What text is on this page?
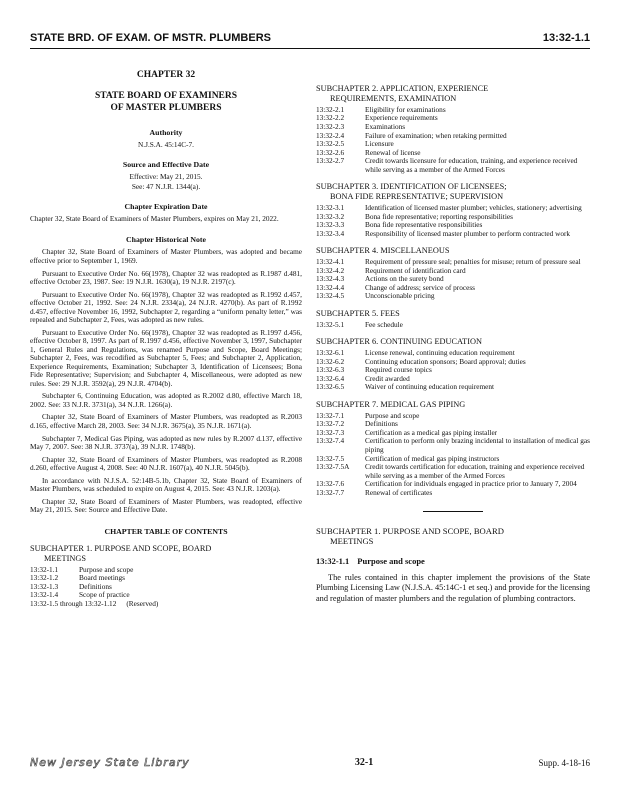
STATE BRD. OF EXAM. OF MSTR. PLUMBERS	13:32-1.1

CHAPTER 32

STATE BOARD OF EXAMINERS
OF MASTER PLUMBERS

Authority

N.J.S.A. 45:14C-7.

Source and Effective Date

Effective: May 21, 2015.

See: 47 N.J.R. 1344(a).

Chapter Expiration Date

Chapter 32, State Board of Examiners of Master Plumbers, expires on May 21, 2022.

Chapter Historical Note

Chapter 32, State Board of Examiners of Master Plumbers, was adopted and became effective prior to September 1, 1969.

Pursuant to Executive Order No. 66(1978), Chapter 32 was readopted as R.1987 d.481, effective October 23, 1987. See: 19 N.J.R. 1630(a), 19 N.J.R. 2197(c).

Pursuant to Executive Order No. 66(1978), Chapter 32 was readopted as R.1992 d.457, effective October 21, 1992. See: 24 N.J.R. 2334(a), 24 N.J.R. 4270(b). As part of R.1992 d.457, effective November 16, 1992, Subchapter 2, regarding a “uniform penalty letter,” was repealed and Subchapter 2, Fees, was adopted as new rules.

Pursuant to Executive Order No. 66(1978), Chapter 32 was readopted as R.1997 d.456, effective October 8, 1997. As part of R.1997 d.456, effective November 3, 1997, Subchapter 1, General Rules and Regulations, was renamed Purpose and Scope, Board Meetings; Subchapter 2, Fees, was recodified as Subchapter 5, Fees; and Subchapter 2, Application, Experience Requirements, Examination; Subchapter 3, Identification of Licensees; Bona Fide Representative; Supervision; and Subchapter 4, Miscellaneous, were adopted as new rules. See: 29 N.J.R. 3592(a), 29 N.J.R. 4704(b).

Subchapter 6, Continuing Education, was adopted as R.2002 d.80, effective March 18, 2002. See: 33 N.J.R. 3731(a), 34 N.J.R. 1266(a).

Chapter 32, State Board of Examiners of Master Plumbers, was readopted as R.2003 d.165, effective March 28, 2003. See: 34 N.J.R. 3675(a), 35 N.J.R. 1671(a).

Subchapter 7, Medical Gas Piping, was adopted as new rules by R.2007 d.137, effective May 7, 2007. See: 38 N.J.R. 3737(a), 39 N.J.R. 1748(b).

Chapter 32, State Board of Examiners of Master Plumbers, was readopted as R.2008 d.260, effective August 4, 2008. See: 40 N.J.R. 1607(a), 40 N.J.R. 5045(b).

In accordance with N.J.S.A. 52:14B-5.1b, Chapter 32, State Board of Examiners of Master Plumbers, was scheduled to expire on August 4, 2015. See: 43 N.J.R. 1203(a).

Chapter 32, State Board of Examiners of Master Plumbers, was readopted, effective May 21, 2015. See: Source and Effective Date.

CHAPTER TABLE OF CONTENTS

SUBCHAPTER 1. PURPOSE AND SCOPE, BOARD
MEETINGS
13:32-1.1	Purpose and scope
13:32-1.2	Board meetings
13:32-1.3	Definitions
13:32-1.4	Scope of practice
13:32-1.5 through 13:32-1.12 (Reserved)
SUBCHAPTER 2. APPLICATION, EXPERIENCE
REQUIREMENTS, EXAMINATION
13:32-2.1	Eligibility for examinations
13:32-2.2	Experience requirements
13:32-2.3	Examinations
13:32-2.4	Failure of examination; when retaking permitted
13:32-2.5	Licensure
13:32-2.6	Renewal of license
13:32-2.7	Credit towards licensure for education, training, and experience received while serving as a member of the Armed Forces
SUBCHAPTER 3. IDENTIFICATION OF LICENSEES;
BONA FIDE REPRESENTATIVE; SUPERVISION
13:32-3.1	Identification of licensed master plumber; vehicles, stationery; advertising
13:32-3.2	Bona fide representative; reporting responsibilities
13:32-3.3	Bona fide representative responsibilities
13:32-3.4	Responsibility of licensed master plumber to perform contracted work
SUBCHAPTER 4. MISCELLANEOUS
13:32-4.1	Requirement of pressure seal; penalties for misuse; return of pressure seal
13:32-4.2	Requirement of identification card
13:32-4.3	Actions on the surety bond
13:32-4.4	Change of address; service of process
13:32-4.5	Unconscionable pricing
SUBCHAPTER 5. FEES
13:32-5.1	Fee schedule
SUBCHAPTER 6. CONTINUING EDUCATION
13:32-6.1	License renewal, continuing education requirement
13:32-6.2	Continuing education sponsors; Board approval; duties
13:32-6.3	Required course topics
13:32-6.4	Credit awarded
13:32-6.5	Waiver of continuing education requirement
SUBCHAPTER 7. MEDICAL GAS PIPING
13:32-7.1	Purpose and scope
13:32-7.2	Definitions
13:32-7.3	Certification as a medical gas piping installer
13:32-7.4	Certification to perform only brazing incidental to installation of medical gas piping
13:32-7.5	Certification of medical gas piping instructors
13:32-7.5A	Credit towards certification for education, training and experience received while serving as a member of the Armed Forces
13:32-7.6	Certification for individuals engaged in practice prior to January 7, 2004
13:32-7.7	Renewal of certificates
SUBCHAPTER 1. PURPOSE AND SCOPE, BOARD
MEETINGS
13:32-1.1 Purpose and scope

The rules contained in this chapter implement the provisions of the State Plumbing Licensing Law (N.J.S.A. 45:14C-1 et seq.) and provide for the licensing and regulation of master plumbers and the regulation of plumbing contractors.

New Jersey State Library	32-1	Supp. 4-18-16
